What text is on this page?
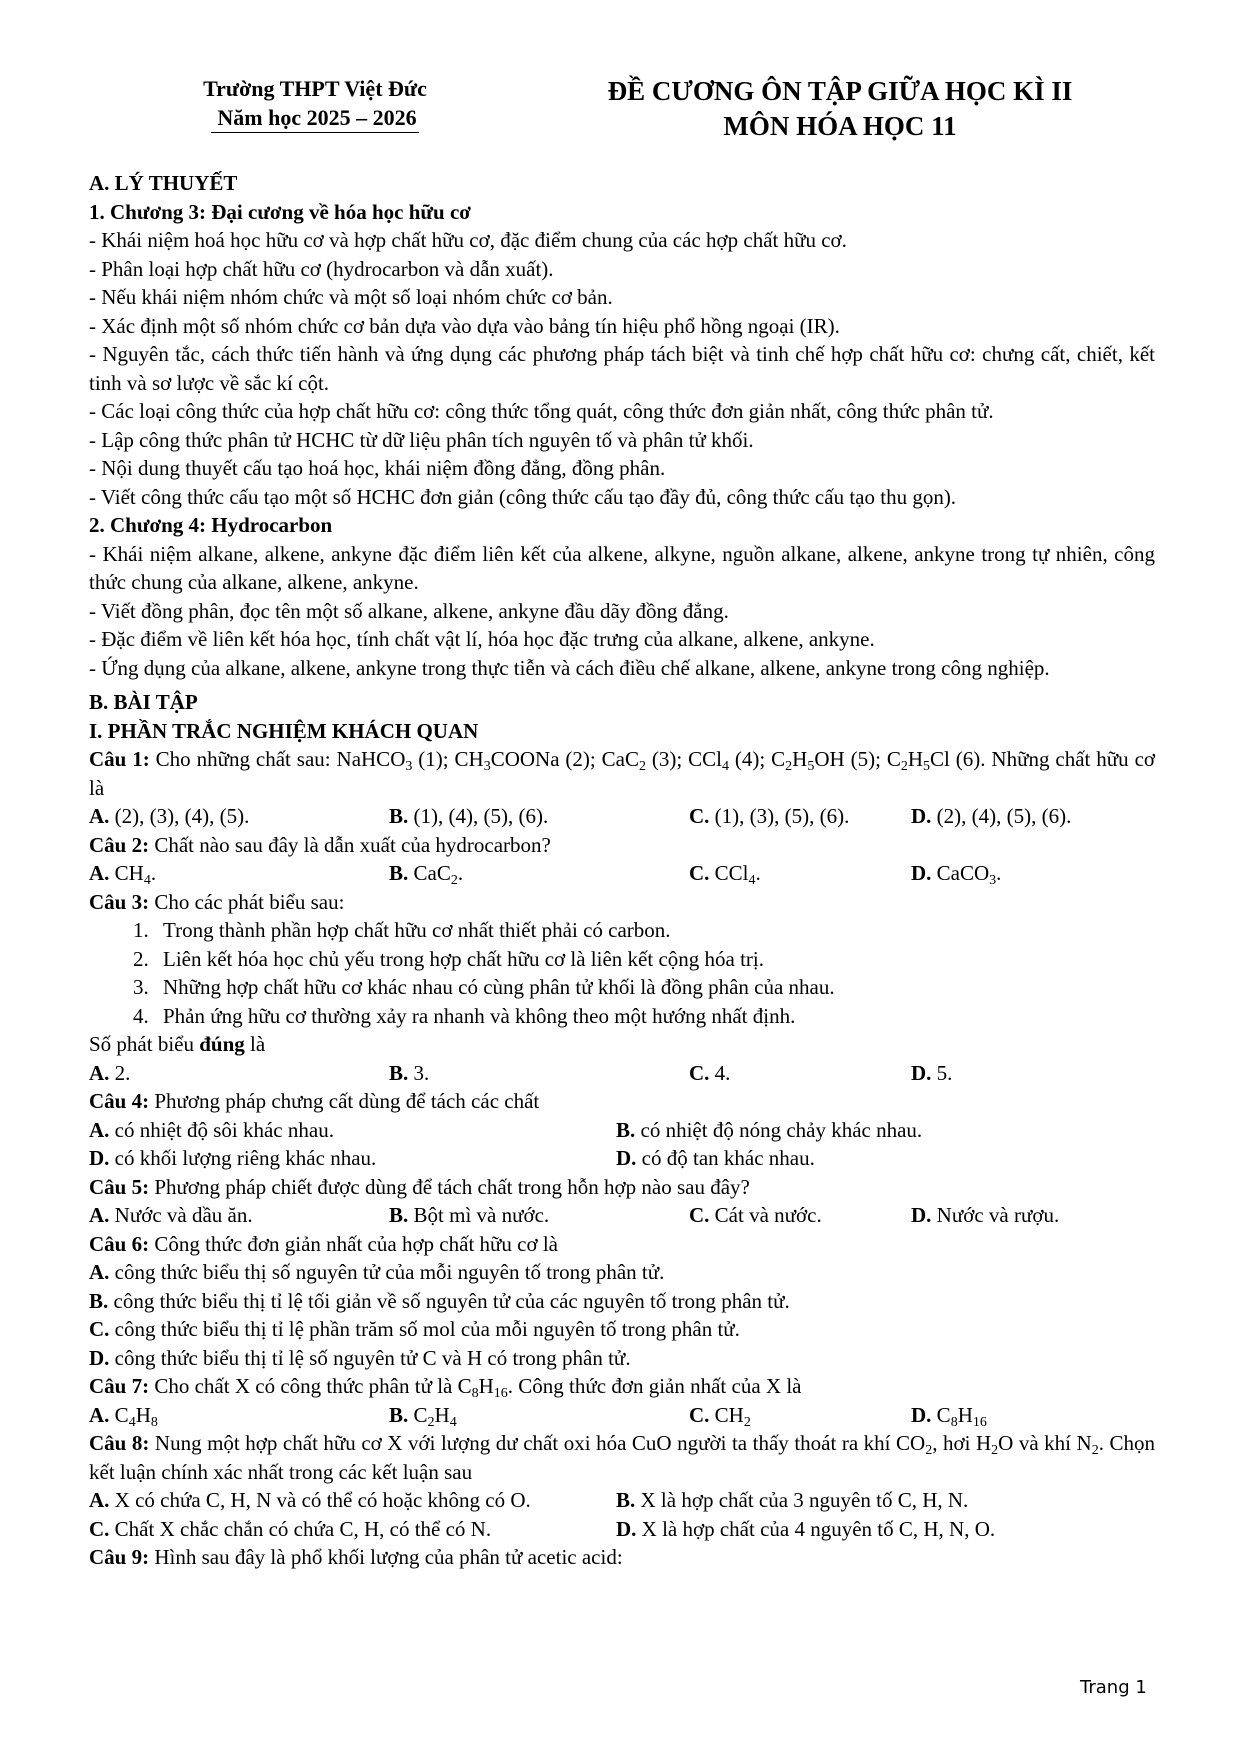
Trường THPT Việt Đức
Năm học 2025 – 2026
ĐỀ CƯƠNG ÔN TẬP GIỮA HỌC KÌ II
MÔN HÓA HỌC 11
A. LÝ THUYẾT
1. Chương 3: Đại cương về hóa học hữu cơ
- Khái niệm hoá học hữu cơ và hợp chất hữu cơ, đặc điểm chung của các hợp chất hữu cơ.
- Phân loại hợp chất hữu cơ (hydrocarbon và dẫn xuất).
- Nếu khái niệm nhóm chức và một số loại nhóm chức cơ bản.
- Xác định một số nhóm chức cơ bản dựa vào dựa vào bảng tín hiệu phổ hồng ngoại (IR).
- Nguyên tắc, cách thức tiến hành và ứng dụng các phương pháp tách biệt và tinh chế hợp chất hữu cơ: chưng cất, chiết, kết tinh và sơ lược về sắc kí cột.
- Các loại công thức của hợp chất hữu cơ: công thức tổng quát, công thức đơn giản nhất, công thức phân tử.
- Lập công thức phân tử HCHC từ dữ liệu phân tích nguyên tố và phân tử khối.
- Nội dung thuyết cấu tạo hoá học, khái niệm đồng đẳng, đồng phân.
- Viết công thức cấu tạo một số HCHC đơn giản (công thức cấu tạo đầy đủ, công thức cấu tạo thu gọn).
2. Chương 4: Hydrocarbon
- Khái niệm alkane, alkene, ankyne đặc điểm liên kết của alkene, alkyne, nguồn alkane, alkene, ankyne trong tự nhiên, công thức chung của alkane, alkene, ankyne.
- Viết đồng phân, đọc tên một số alkane, alkene, ankyne đầu dãy đồng đẳng.
- Đặc điểm về liên kết hóa học, tính chất vật lí, hóa học đặc trưng của alkane, alkene, ankyne.
- Ứng dụng của alkane, alkene, ankyne trong thực tiễn và cách điều chế alkane, alkene, ankyne trong công nghiệp.
B. BÀI TẬP
I. PHẦN TRẮC NGHIỆM KHÁCH QUAN
Câu 1: Cho những chất sau: NaHCO$_3$ (1); $CH_3COONa$ (2); CaC$_2$ (3); CCl$_4$ (4); $C_2H_5OH$ (5); $C_2H_5Cl$ (6). Những chất hữu cơ là
A. (2), (3), (4), (5).	B. (1), (4), (5), (6).	C. (1), (3), (5), (6).	D. (2), (4), (5), (6).
Câu 2: Chất nào sau đây là dẫn xuất của hydrocarbon?
A. $CH_4$.	B. CaC$_2$.	C. CCl$_4$.	D. CaCO$_3$.
Câu 3: Cho các phát biểu sau:
1. Trong thành phần hợp chất hữu cơ nhất thiết phải có carbon.
2. Liên kết hóa học chủ yếu trong hợp chất hữu cơ là liên kết cộng hóa trị.
3. Những hợp chất hữu cơ khác nhau có cùng phân tử khối là đồng phân của nhau.
4. Phản ứng hữu cơ thường xảy ra nhanh và không theo một hướng nhất định.
Số phát biểu đúng là
A. 2.	B. 3.	C. 4.	D. 5.
Câu 4: Phương pháp chưng cất dùng để tách các chất
A. có nhiệt độ sôi khác nhau.	B. có nhiệt độ nóng chảy khác nhau.
D. có khối lượng riêng khác nhau.	D. có độ tan khác nhau.
Câu 5: Phương pháp chiết được dùng để tách chất trong hỗn hợp nào sau đây?
A. Nước và dầu ăn.	B. Bột mì và nước.	C. Cát và nước.	D. Nước và rượu.
Câu 6: Công thức đơn giản nhất của hợp chất hữu cơ là
A. công thức biểu thị số nguyên tử của mỗi nguyên tố trong phân tử.
B. công thức biểu thị tỉ lệ tối giản về số nguyên tử của các nguyên tố trong phân tử.
C. công thức biểu thị tỉ lệ phần trăm số mol của mỗi nguyên tố trong phân tử.
D. công thức biểu thị tỉ lệ số nguyên tử C và H có trong phân tử.
Câu 7: Cho chất X có công thức phân tử là $C_8H_{16}$. Công thức đơn giản nhất của X là
A. $C_4H_8$	B. $C_2H_4$	C. $CH_2$	D. $C_8H_{16}$
Câu 8: Nung một hợp chất hữu cơ X với lượng dư chất oxi hóa CuO người ta thấy thoát ra khí $CO_2$, hơi $H_2O$ và khí $N_2$. Chọn kết luận chính xác nhất trong các kết luận sau
A. X có chứa C, H, N và có thể có hoặc không có O.	B. X là hợp chất của 3 nguyên tố C, H, N.
C. Chất X chắc chắn có chứa C, H, có thể có N.	D. X là hợp chất của 4 nguyên tố C, H, N, O.
Câu 9: Hình sau đây là phổ khối lượng của phân tử acetic acid:
Trang 1
